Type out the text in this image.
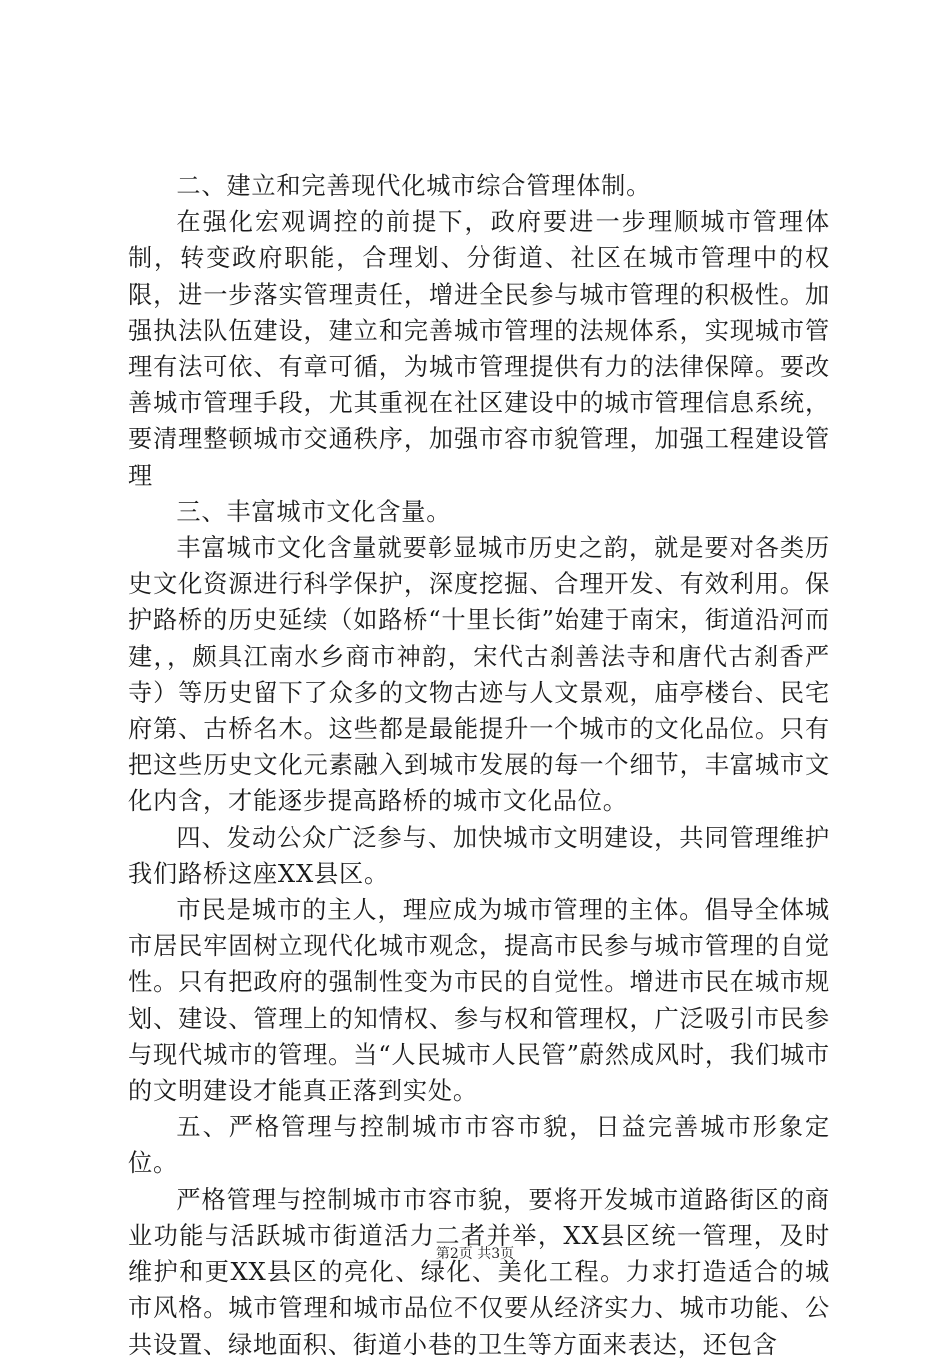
二、建立和完善现代化城市综合管理体制。

在强化宏观调控的前提下，政府要进一步理顺城市管理体制，转变政府职能，合理划、分街道、社区在城市管理中的权限，进一步落实管理责任，增进全民参与城市管理的积极性。加强执法队伍建设，建立和完善城市管理的法规体系，实现城市管理有法可依、有章可循，为城市管理提供有力的法律保障。要改善城市管理手段，尤其重视在社区建设中的城市管理信息系统，要清理整顿城市交通秩序，加强市容市貌管理，加强工程建设管理

三、丰富城市文化含量。

丰富城市文化含量就要彰显城市历史之韵，就是要对各类历史文化资源进行科学保护，深度挖掘、合理开发、有效利用。保护路桥的历史延续（如路桥“十里长街”始建于南宋，街道沿河而建，，颇具江南水乡商市神韵，宋代古刹善法寺和唐代古刹香严寺）等历史留下了众多的文物古迹与人文景观，庙亭楼台、民宅府第、古桥名木。这些都是最能提升一个城市的文化品位。只有把这些历史文化元素融入到城市发展的每一个细节，丰富城市文化内含，才能逐步提高路桥的城市文化品位。

四、发动公众广泛参与、加快城市文明建设，共同管理维护我们路桥这座XX县区。

市民是城市的主人，理应成为城市管理的主体。倡导全体城市居民牢固树立现代化城市观念，提高市民参与城市管理的自觉性。只有把政府的强制性变为市民的自觉性。增进市民在城市规划、建设、管理上的知情权、参与权和管理权，广泛吸引市民参与现代城市的管理。当“人民城市人民管”蔚然成风时，我们城市的文明建设才能真正落到实处。

五、严格管理与控制城市市容市貌，日益完善城市形象定位。

严格管理与控制城市市容市貌，要将开发城市道路街区的商业功能与活跃城市街道活力二者并举，XX县区统一管理，及时维护和更XX县区的亮化、绿化、美化工程。力求打造适合的城市风格。城市管理和城市品位不仅要从经济实力、城市功能、公共设置、绿地面积、街道小巷的卫生等方面来表达，还包含

第2页 共3页
